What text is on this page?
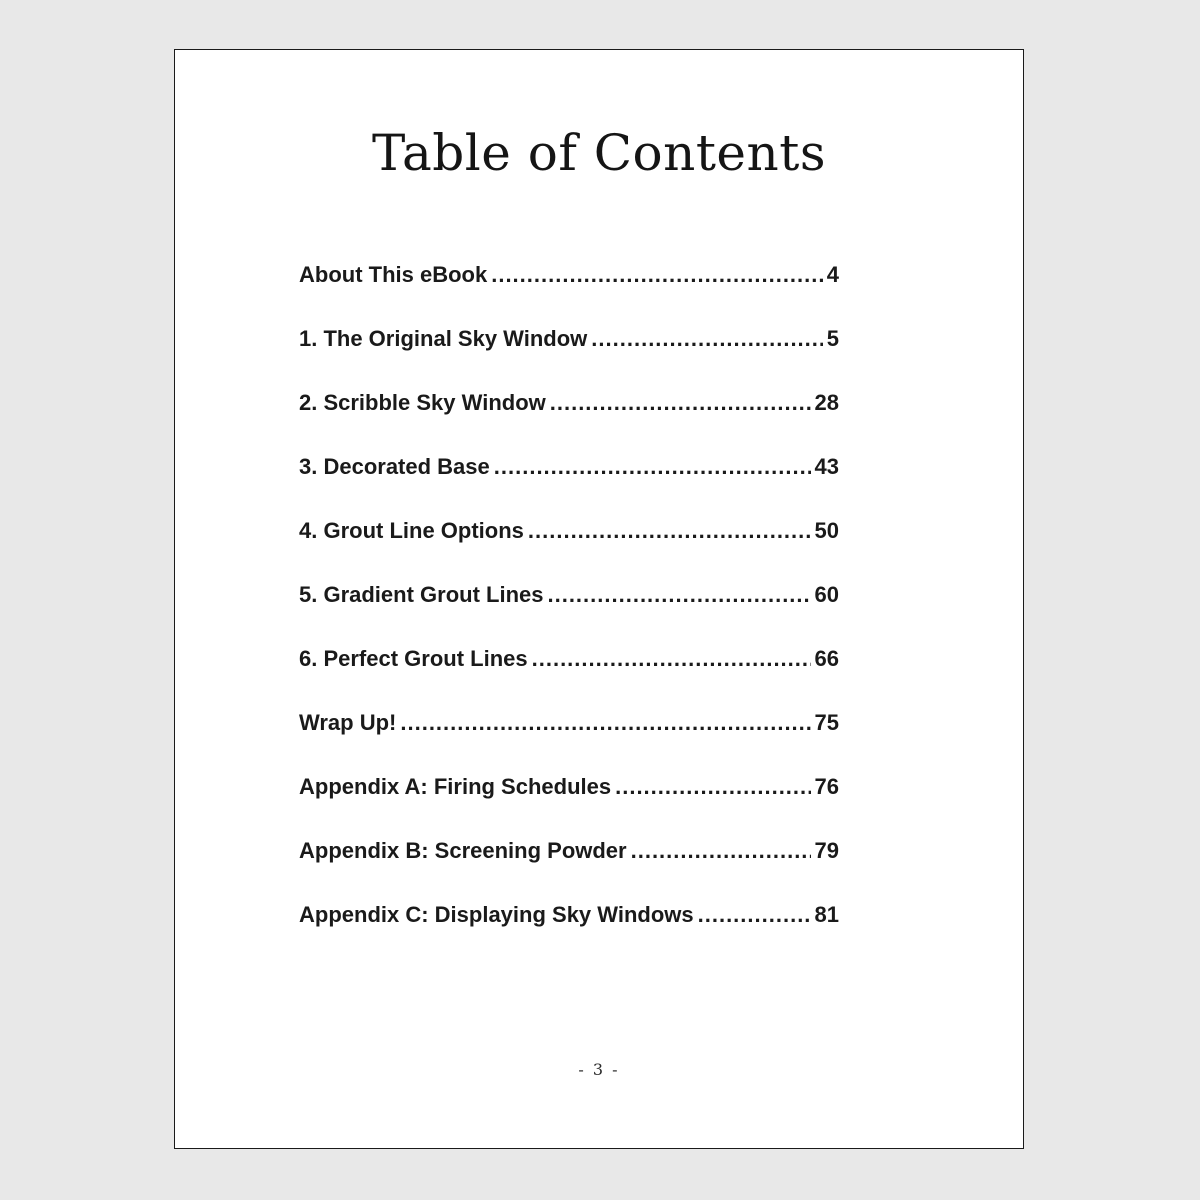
Table of Contents
About This eBook .....	4
1. The Original Sky Window .....	5
2. Scribble Sky Window .....	28
3. Decorated Base .....	43
4. Grout Line Options .....	50
5. Gradient Grout Lines .....	60
6. Perfect Grout Lines .....	66
Wrap Up! .....	75
Appendix A: Firing Schedules .....	76
Appendix B: Screening Powder .....	79
Appendix C: Displaying Sky Windows .....	81
- 3 -
